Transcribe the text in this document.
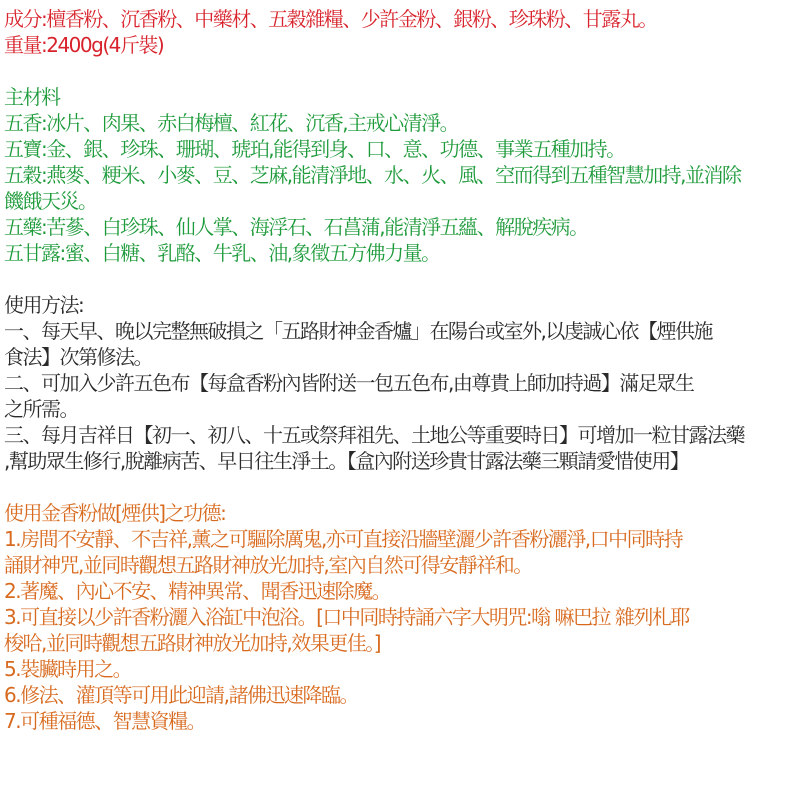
成分:檀香粉、沉香粉、中藥材、五穀雜糧、少許金粉、銀粉、珍珠粉、甘露丸。
重量:2400g(4斤裝)
主材料
五香:冰片、肉果、赤白梅檀、紅花、沉香,主戒心清淨。
五寶:金、銀、珍珠、珊瑚、琥珀,能得到身、口、意、功德、事業五種加持。
五穀:燕麥、粳米、小麥、豆、芝麻,能清淨地、水、火、風、空而得到五種智慧加持,並消除
饑餓天災。
五藥:苦蔘、白珍珠、仙人掌、海浮石、石菖蒲,能清淨五蘊、解脫疾病。
五甘露:蜜、白糖、乳酪、牛乳、油,象徵五方佛力量。
使用方法:
一、每天早、晚以完整無破損之「五路財神金香爐」在陽台或室外,以虔誠心依【煙供施
食法】次第修法。
二、可加入少許五色布【每盒香粉內皆附送一包五色布,由尊貴上師加持過】滿足眾生
之所需。
三、每月吉祥日【初一、初八、十五或祭拜祖先、土地公等重要時日】可增加一粒甘露法藥
,幫助眾生修行,脫離病苦、早日往生淨土。【盒內附送珍貴甘露法藥三顆請愛惜使用】
使用金香粉做[煙供]之功德:
1.房間不安靜、不吉祥,薰之可驅除厲鬼,亦可直接沿牆壁灑少許香粉灑淨,口中同時持
誦財神咒,並同時觀想五路財神放光加持,室內自然可得安靜祥和。
2.著魔、內心不安、精神異常、聞香迅速除魔。
3.可直接以少許香粉灑入浴缸中泡浴。[口中同時持誦六字大明咒:嗡 嘛巴拉 雜列札耶
梭哈,並同時觀想五路財神放光加持,效果更佳。]
5.裝臟時用之。
6.修法、灌頂等可用此迎請,諸佛迅速降臨。
7.可種福德、智慧資糧。
